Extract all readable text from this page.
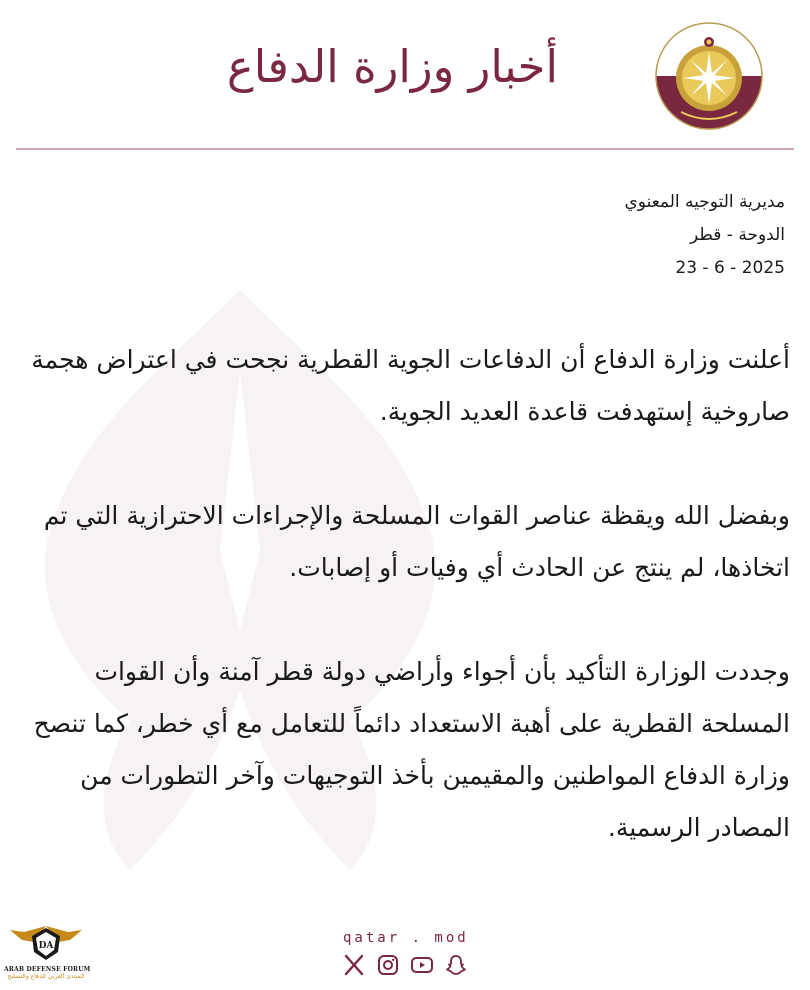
أخبار وزارة الدفاع
مديرية التوجيه المعنوي
الدوحة - قطر
23 - 6 - 2025

أعلنت وزارة الدفاع أن الدفاعات الجوية القطرية نجحت في اعتراض هجمة صاروخية إستهدفت قاعدة العديد الجوية.

وبفضل الله ويقظة عناصر القوات المسلحة والإجراءات الاحترازية التي تم اتخاذها، لم ينتج عن الحادث أي وفيات أو إصابات.

وجددت الوزارة التأكيد بأن أجواء وأراضي دولة قطر آمنة وأن القوات المسلحة القطرية على أهبة الاستعداد دائماً للتعامل مع أي خطر، كما تنصح وزارة الدفاع المواطنين والمقيمين بأخذ التوجيهات وآخر التطورات من المصادر الرسمية.

qatar . mod
DA
ARAB DEFENSE FORUM
المنتدى العربي للدفاع والتسليح
